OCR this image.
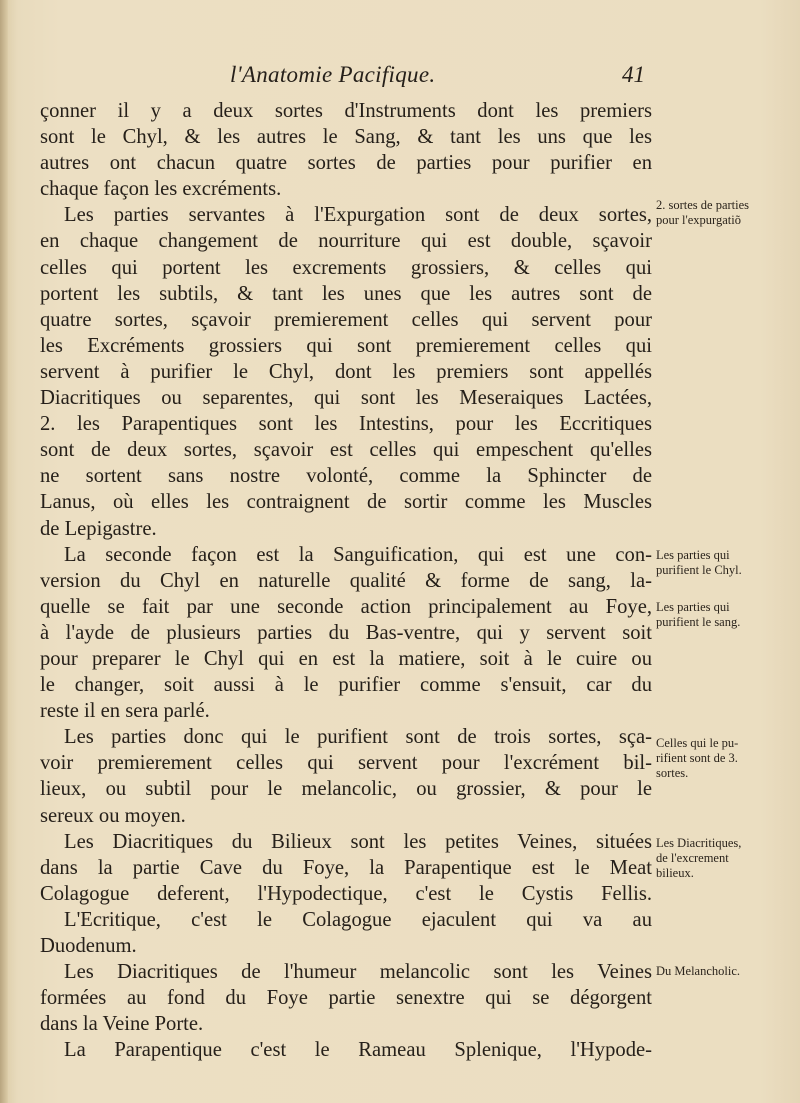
l'Anatomie Pacifique.	41
çonner il y a deux sortes d'Instruments dont les premiers
sont le Chyl, & les autres le Sang, & tant les uns que les
autres ont chacun quatre sortes de parties pour purifier en
chaque façon les excréments.
Les parties servantes à l'Expurgation sont de deux sortes,
en chaque changement de nourriture qui est double, sçavoir
celles qui portent les excrements grossiers, & celles qui
portent les subtils, & tant les unes que les autres sont de
quatre sortes, sçavoir premierement celles qui servent pour
les Excréments grossiers qui sont premierement celles qui
servent à purifier le Chyl, dont les premiers sont appellés
Diacritiques ou separentes, qui sont les Meseraiques Lactées,
2. les Parapentiques sont les Intestins, pour les Eccritiques
sont de deux sortes, sçavoir est celles qui empeschent qu'elles
ne sortent sans nostre volonté, comme la Sphincter de
Lanus, où elles les contraignent de sortir comme les Muscles
de Lepigastre.
La seconde façon est la Sanguification, qui est une con-
version du Chyl en naturelle qualité & forme de sang, la-
quelle se fait par une seconde action principalement au Foye,
à l'ayde de plusieurs parties du Bas-ventre, qui y servent soit
pour preparer le Chyl qui en est la matiere, soit à le cuire ou
le changer, soit aussi à le purifier comme s'ensuit, car du
reste il en sera parlé.
Les parties donc qui le purifient sont de trois sortes, sça-
voir premierement celles qui servent pour l'excrément bil-
lieux, ou subtil pour le melancolic, ou grossier, & pour le
sereux ou moyen.
Les Diacritiques du Bilieux sont les petites Veines, situées
dans la partie Cave du Foye, la Parapentique est le Meat
Colagogue deferent, l'Hypodectique, c'est le Cystis Fellis.
L'Ecritique, c'est le Colagogue ejaculent qui va au
Duodenum.
Les Diacritiques de l'humeur melancolic sont les Veines
formées au fond du Foye partie senextre qui se dégorgent
dans la Veine Porte.
La Parapentique c'est le Rameau Splenique, l'Hypode-
2. sortes de parties
pour l'expurgatiõ
Les parties qui
purifient le Chyl.
Les parties qui
purifient le sang.
Celles qui le pu-
rifient sont de 3.
sortes.
Les Diacritiques,
de l'excrement
bilieux.
Du Melancholic.
